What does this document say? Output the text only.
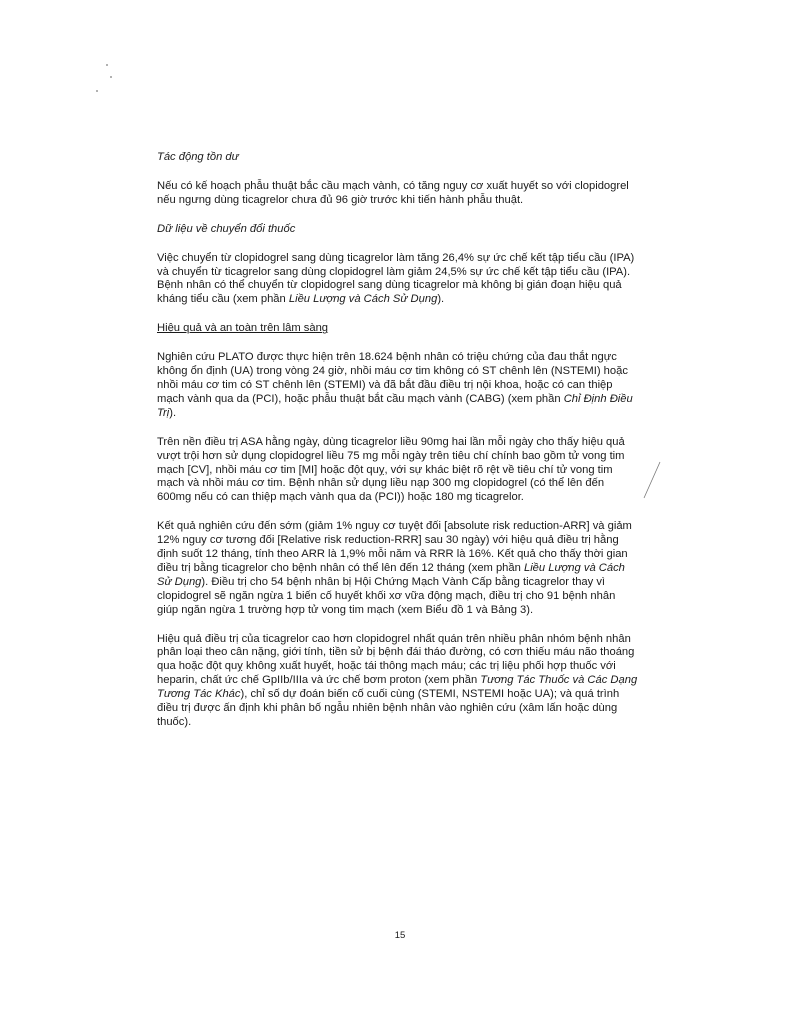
Tác động tồn dư

Nếu có kế hoạch phẫu thuật bắc cầu mạch vành, có tăng nguy cơ xuất huyết so với clopidogrel nếu ngưng dùng ticagrelor chưa đủ 96 giờ trước khi tiến hành phẫu thuật.

Dữ liệu về chuyển đổi thuốc

Việc chuyển từ clopidogrel sang dùng ticagrelor làm tăng 26,4% sự ức chế kết tập tiểu cầu (IPA) và chuyển từ ticagrelor sang dùng clopidogrel làm giảm 24,5% sự ức chế kết tập tiểu cầu (IPA). Bệnh nhân có thể chuyển từ clopidogrel sang dùng ticagrelor mà không bị gián đoạn hiệu quả kháng tiểu cầu (xem phần Liều Lượng và Cách Sử Dụng).

Hiệu quả và an toàn trên lâm sàng

Nghiên cứu PLATO được thực hiện trên 18.624 bệnh nhân có triệu chứng của đau thắt ngực không ổn định (UA) trong vòng 24 giờ, nhồi máu cơ tim không có ST chênh lên (NSTEMI) hoặc nhồi máu cơ tim có ST chênh lên (STEMI) và đã bắt đầu điều trị nội khoa, hoặc có can thiệp mạch vành qua da (PCI), hoặc phẫu thuật bắt cầu mạch vành (CABG) (xem phần Chỉ Định Điều Trị).

Trên nền điều trị ASA hằng ngày, dùng ticagrelor liều 90mg hai lần mỗi ngày cho thấy hiệu quả vượt trội hơn sử dụng clopidogrel liều 75 mg mỗi ngày trên tiêu chí chính bao gồm tử vong tim mạch [CV], nhồi máu cơ tim [MI] hoặc đột quỵ, với sự khác biệt rõ rệt về tiêu chí tử vong tim mạch và nhồi máu cơ tim. Bệnh nhân sử dụng liều nạp 300 mg clopidogrel (có thể lên đến 600mg nếu có can thiệp mạch vành qua da (PCI)) hoặc 180 mg ticagrelor.

Kết quả nghiên cứu đến sớm (giảm 1% nguy cơ tuyệt đối [absolute risk reduction-ARR] và giảm 12% nguy cơ tương đối [Relative risk reduction-RRR] sau 30 ngày) với hiệu quả điều trị hằng định suốt 12 tháng, tính theo ARR là 1,9% mỗi năm và RRR là 16%. Kết quả cho thấy thời gian điều trị bằng ticagrelor cho bệnh nhân có thể lên đến 12 tháng (xem phần Liều Lượng và Cách Sử Dụng). Điều trị cho 54 bệnh nhân bị Hội Chứng Mạch Vành Cấp bằng ticagrelor thay vì clopidogrel sẽ ngăn ngừa 1 biến cố huyết khối xơ vữa động mạch, điều trị cho 91 bệnh nhân giúp ngăn ngừa 1 trường hợp tử vong tim mạch (xem Biểu đồ 1 và Bảng 3).

Hiệu quả điều trị của ticagrelor cao hơn clopidogrel nhất quán trên nhiều phân nhóm bệnh nhân phân loại theo cân nặng, giới tính, tiền sử bị bệnh đái tháo đường, có cơn thiếu máu não thoáng qua hoặc đột quỵ không xuất huyết, hoặc tái thông mạch máu; các trị liệu phối hợp thuốc với heparin, chất ức chế GpIIb/IIIa và ức chế bơm proton (xem phần Tương Tác Thuốc và Các Dạng Tương Tác Khác), chỉ số dự đoán biến cố cuối cùng (STEMI, NSTEMI hoặc UA); và quá trình điều trị được ấn định khi phân bố ngẫu nhiên bệnh nhân vào nghiên cứu (xâm lấn hoặc dùng thuốc).

15
